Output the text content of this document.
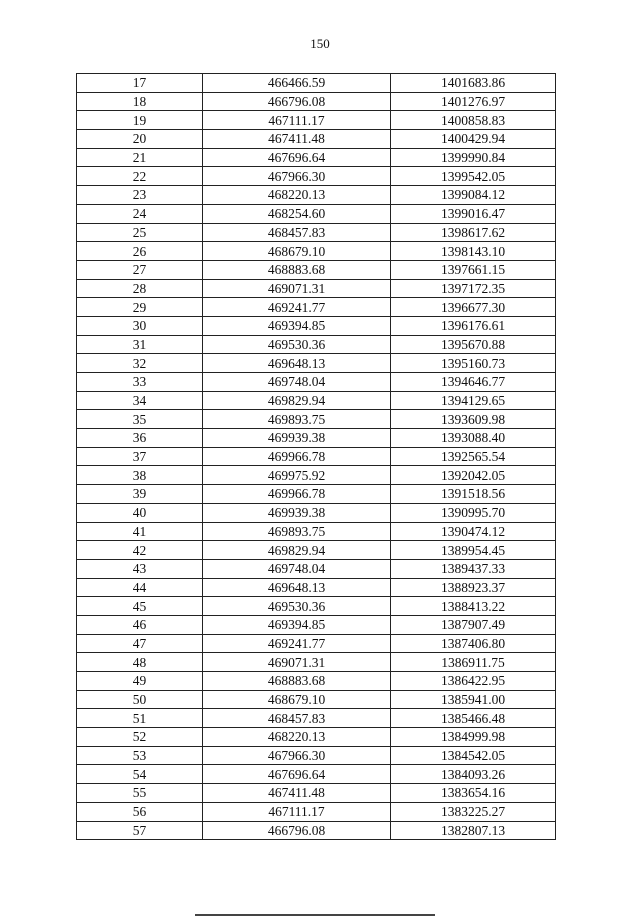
150
17	466466.59	1401683.86
18	466796.08	1401276.97
19	467111.17	1400858.83
20	467411.48	1400429.94
21	467696.64	1399990.84
22	467966.30	1399542.05
23	468220.13	1399084.12
24	468254.60	1399016.47
25	468457.83	1398617.62
26	468679.10	1398143.10
27	468883.68	1397661.15
28	469071.31	1397172.35
29	469241.77	1396677.30
30	469394.85	1396176.61
31	469530.36	1395670.88
32	469648.13	1395160.73
33	469748.04	1394646.77
34	469829.94	1394129.65
35	469893.75	1393609.98
36	469939.38	1393088.40
37	469966.78	1392565.54
38	469975.92	1392042.05
39	469966.78	1391518.56
40	469939.38	1390995.70
41	469893.75	1390474.12
42	469829.94	1389954.45
43	469748.04	1389437.33
44	469648.13	1388923.37
45	469530.36	1388413.22
46	469394.85	1387907.49
47	469241.77	1387406.80
48	469071.31	1386911.75
49	468883.68	1386422.95
50	468679.10	1385941.00
51	468457.83	1385466.48
52	468220.13	1384999.98
53	467966.30	1384542.05
54	467696.64	1384093.26
55	467411.48	1383654.16
56	467111.17	1383225.27
57	466796.08	1382807.13
